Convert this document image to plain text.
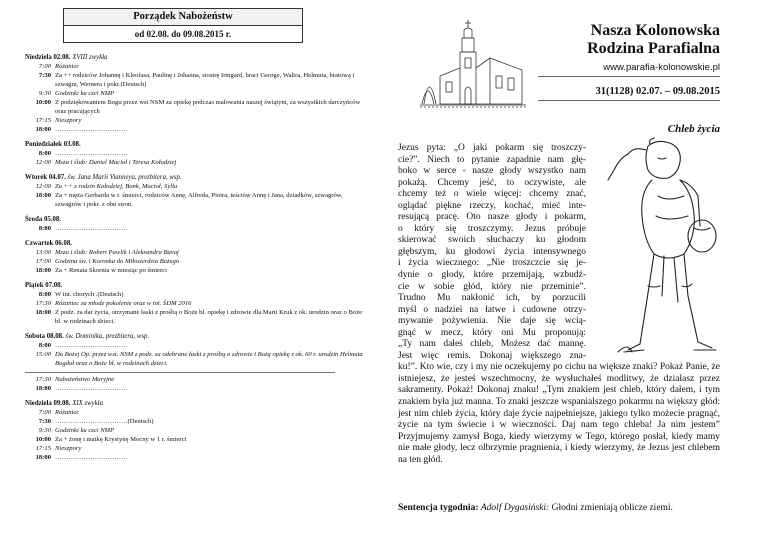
Porządek Nabożeństw
od 02.08. do 09.08.2015 r.
Niedziela 02.08. XVIII zwykła
7:00 Różaniec
7:30 Za ++ rodziców Johannę i Kleofasa, Paulinę i Johanna, siostrę Irmgard, braci George, Waltra, Helmuta, bratową i szwagra, Wernera i pokr.(Deutsch)
9:30 Godzinki ku czci NMP
10:00 Z podziękowaniem Bogu przez wst NSM za opiekę podczas malowania naszej świątyni, za wszystkich darczyńców oraz pracujących
17:15 Nieszpory
18:00 ……………………………
Poniedziałek 03.08.
8:00 ……………………………
12:00 Msza i ślub: Daniel Macioł i Teresa Kołodziej
Wtorek 04.07. św. Jana Marii Vianneya, prezbitera, wsp.
12:00 Za ++ z rodzin Kołodziej, Bonk, Macioł, Sylla
18:00 Za + męża Gerharda w r. śmierci, rodziców Annę, Alfreda, Piotra, teściów Annę i Jana, dziadków, szwagrów, szwagrów i pokr. z obu stron.
Środa 05.08.
8:00 ……………………………
Czwartek 06.08.
13:00 Msza i ślub: Robert Pawlik i Aleksandra Bavaj
17:00 Godzina św. i Koronka do Miłosierdzia Bożego
18:00 Za + Renata Skornia w miesiąc po śmierci
Piątek 07.08.
8:00 W int. chorych .(Deutsch)
17:30 Różaniec za młode pokolenie oraz w int. ŚDM 2016
18:00 Z podz. za dar życia, otrzymane łaski z prośbą o Boże bł. opiekę i zdrowie dla Marii Kruk z ok. urodzin oraz o Boże bł. w rodzinach dzieci.
Sobota 08.08. św. Dominika, prezbitera, wsp.
8:00 ……………………………
15:00 Do Bożej Op. przez wst. NSM z podz. za odebrane łaski z prośbą o zdrowie i Bożą opiekę z ok. 60 r. urodzin Helmuta Bogdoł oraz o Boże bł. w rodzinach dzieci.
17:30 Nabożeństwo Maryjne
18:00 ……………………………
Niedziela 09.08. XIX zwykła
7:00 Różaniec
7:30 ……………………………(Deutsch)
9:30 Godzinki ku czci NMP
10:00 Za + żonę i matkę Krystynę Mocny w 1 r. śmierci
17:15 Nieszpory
18:00 ……………………………
Nasza Kolonowska
Rodzina Parafialna
www.parafia-kolonowskie.pl
31(1128) 02.07. – 09.08.2015
Chleb życia
Jezus pyta: „O jaki pokarm się troszczy-
cie?”. Niech to pytanie zapadnie nam głę-
boko w serce - nasze głody wszystko nam
pokażą. Chcemy jeść, to oczywiste, ale
chcemy też o wiele więcej: chcemy znać,
oglądać piękne rzeczy, kochać, mieć inte-
resującą pracę. Oto nasze głody i pokarm,
o który się troszczymy. Jezus próbuje
skierować swoich słuchaczy ku głodom
głębszym, ku głodowi życia intensywnego
i życia wiecznego: „Nie troszczcie się je-
dynie o głody, które przemijają, wzbudź-
cie w sobie głód, który nie przeminie”.
Trudno Mu nakłonić ich, by porzucili
myśl o nadziei na łatwe i cudowne otrzy-
mywanie pożywienia. Nie daje się wcią-
gnąć w mecz, który oni Mu proponują:
„Ty nam dałeś chleb, Możesz dać mannę.
Jest więc remis. Dokonaj większego zna-
ku!”. Kto wie, czy i my nie oczekujemy po cichu na większe znaki? Pokaż Panie, że istniejesz, że jesteś wszechmocny, że wysłuchałeś modlitwy, że działasz przez sakramenty. Pokaż! Dokonaj znaku! „Tym znakiem jest chleb, który dałem, i tym znakiem była już manna. To znaki jeszcze wspanialszego pokarmu na większy głód: jest nim chleb życia, który daje życie najpełniejsze, jakiego tylko możecie pragnąć, życie na tym świecie i w wieczności. Daj nam tego chleba! Ja nim jestem” Przyjmujemy zamysł Boga, kiedy wierzymy w Tego, którego posłał, kiedy mamy nie małe głody, lecz olbrzymie pragnienia, i kiedy wierzymy, że Jezus jest chlebem na ten głód.
Sentencja tygodnia: Adolf Dygasiński: Głodni zmieniają oblicze ziemi.
